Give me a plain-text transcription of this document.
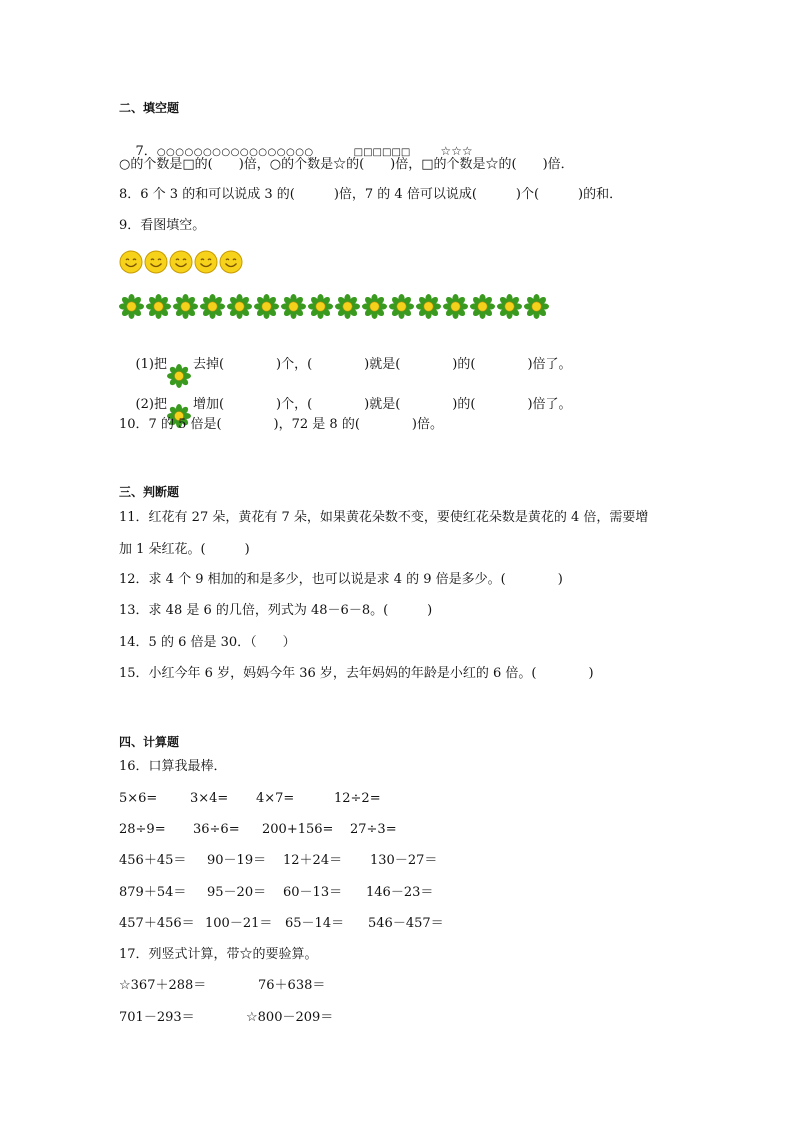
二、填空题

7．○○○○○○○○○○○○○○○○○	□□□□□□	☆☆☆

○的个数是□的(　　)倍，○的个数是☆的(　　)倍，□的个数是☆的(　　)倍．
8．6 个 3 的和可以说成 3 的(　　　)倍，7 的 4 倍可以说成(　　　)个(　　　)的和．
9．看图填空。

(1)把 去掉(　　　　)个，(　　　　)就是(　　　　)的(　　　　)倍了。

(2)把 增加(　　　　)个，(　　　　)就是(　　　　)的(　　　　)倍了。

10．7 的 5 倍是(　　　　)，72 是 8 的(　　　　)倍。
三、判断题
11．红花有 27 朵，黄花有 7 朵，如果黄花朵数不变，要使红花朵数是黄花的 4 倍，需要增
加 1 朵红花。(　　　)
12．求 4 个 9 相加的和是多少，也可以说是求 4 的 9 倍是多少。(　　　　)
13．求 48 是 6 的几倍，列式为 48－6－8。(　　　)
14．5 的 6 倍是 30．（　　）
15．小红今年 6 岁，妈妈今年 36 岁，去年妈妈的年龄是小红的 6 倍。(　　　　)
四、计算题
16．口算我最棒．
5×6=	3×4= 4×7=	12÷2=
28÷9= 36÷6= 200+156= 27÷3=
456＋45＝ 90－19＝ 12＋24＝ 130－27＝
879＋54＝ 95－20＝ 60－13＝ 146－23＝
457＋456＝ 100－21＝ 65－14＝ 546－457＝
17．列竖式计算，带☆的要验算。
☆367＋288＝	76＋638＝
701－293＝	☆800－209＝
